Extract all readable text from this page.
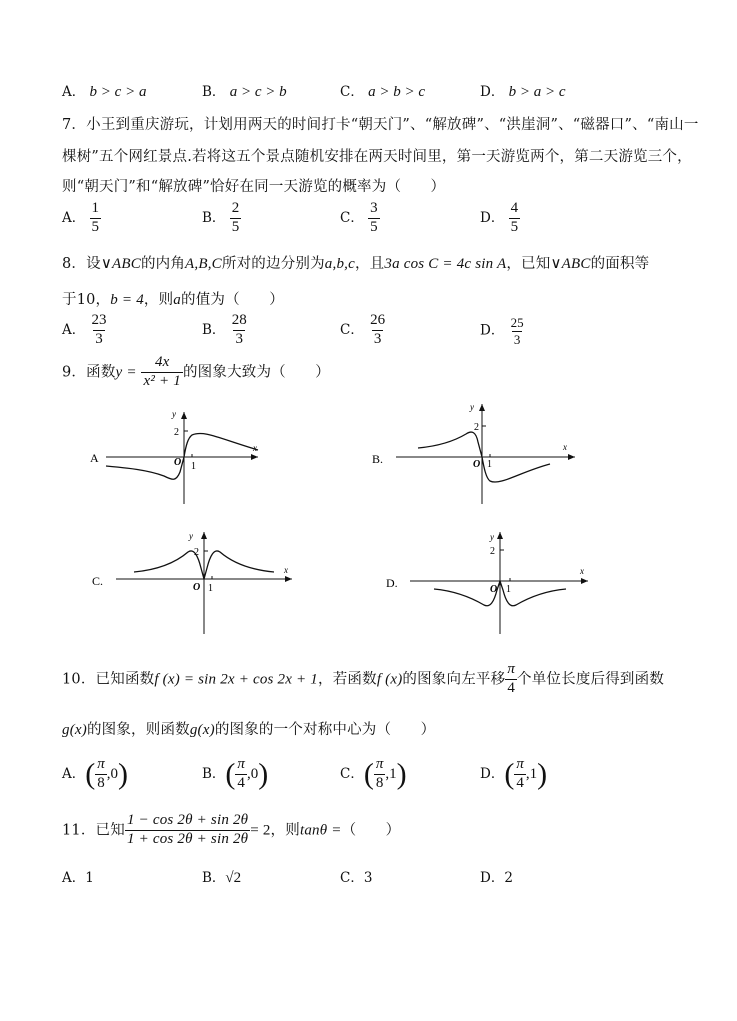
A． b > c > a	B． a > c > b	C． a > b > c	D． b > a > c
7．小王到重庆游玩，计划用两天的时间打卡“朝天门”、“解放碑”、“洪崖洞”、“磁器口”、“南山一
棵树”五个网红景点.若将这五个景点随机安排在两天时间里，第一天游览两个，第二天游览三个，
则“朝天门”和“解放碑”恰好在同一天游览的概率为（　　）
A． $\frac{1}{5}$	B． $\frac{2}{5}$	C． $\frac{3}{5}$	D． $\frac{4}{5}$
8．设∨ABC的内角A,B,C所对的边分别为a,b,c，且3a cos C = 4c sin A，已知∨ABC的面积等
于10，b = 4，则a的值为（　　）
A． $\frac{23}{3}$	B． $\frac{28}{3}$	C． $\frac{26}{3}$	D． $\frac{25}{3}$
9．函数$y = \frac{4x}{\text{x² + 1}}$ 的图象大致为（　　）
A
x
y
O 1
2
B.
x
y
O 1
2
C.
x
y
O 1
2
D.
x
y
O 1
2
10．已知函数f (x) = sin 2x + cos 2x + 1，若函数f (x)的图象向左平移 $\frac{\pi}{4}$ 个单位长度后得到函数
g(x)的图象，则函数g(x)的图象的一个对称中心为（　　）
A．( $\frac{\pi}{8} ,0$)	B．( $\frac{\pi}{4} ,0$)	C．( $\frac{\pi}{8} ,1$)	D．( $\frac{\pi}{4} ,1$)
11．已知 $\frac{1 - \cos 2\theta + \sin 2\theta}{1 + \cos 2\theta + \sin 2\theta} = 2$，则tanθ =（　　）
A．1	B．√2	C．3	D．2
